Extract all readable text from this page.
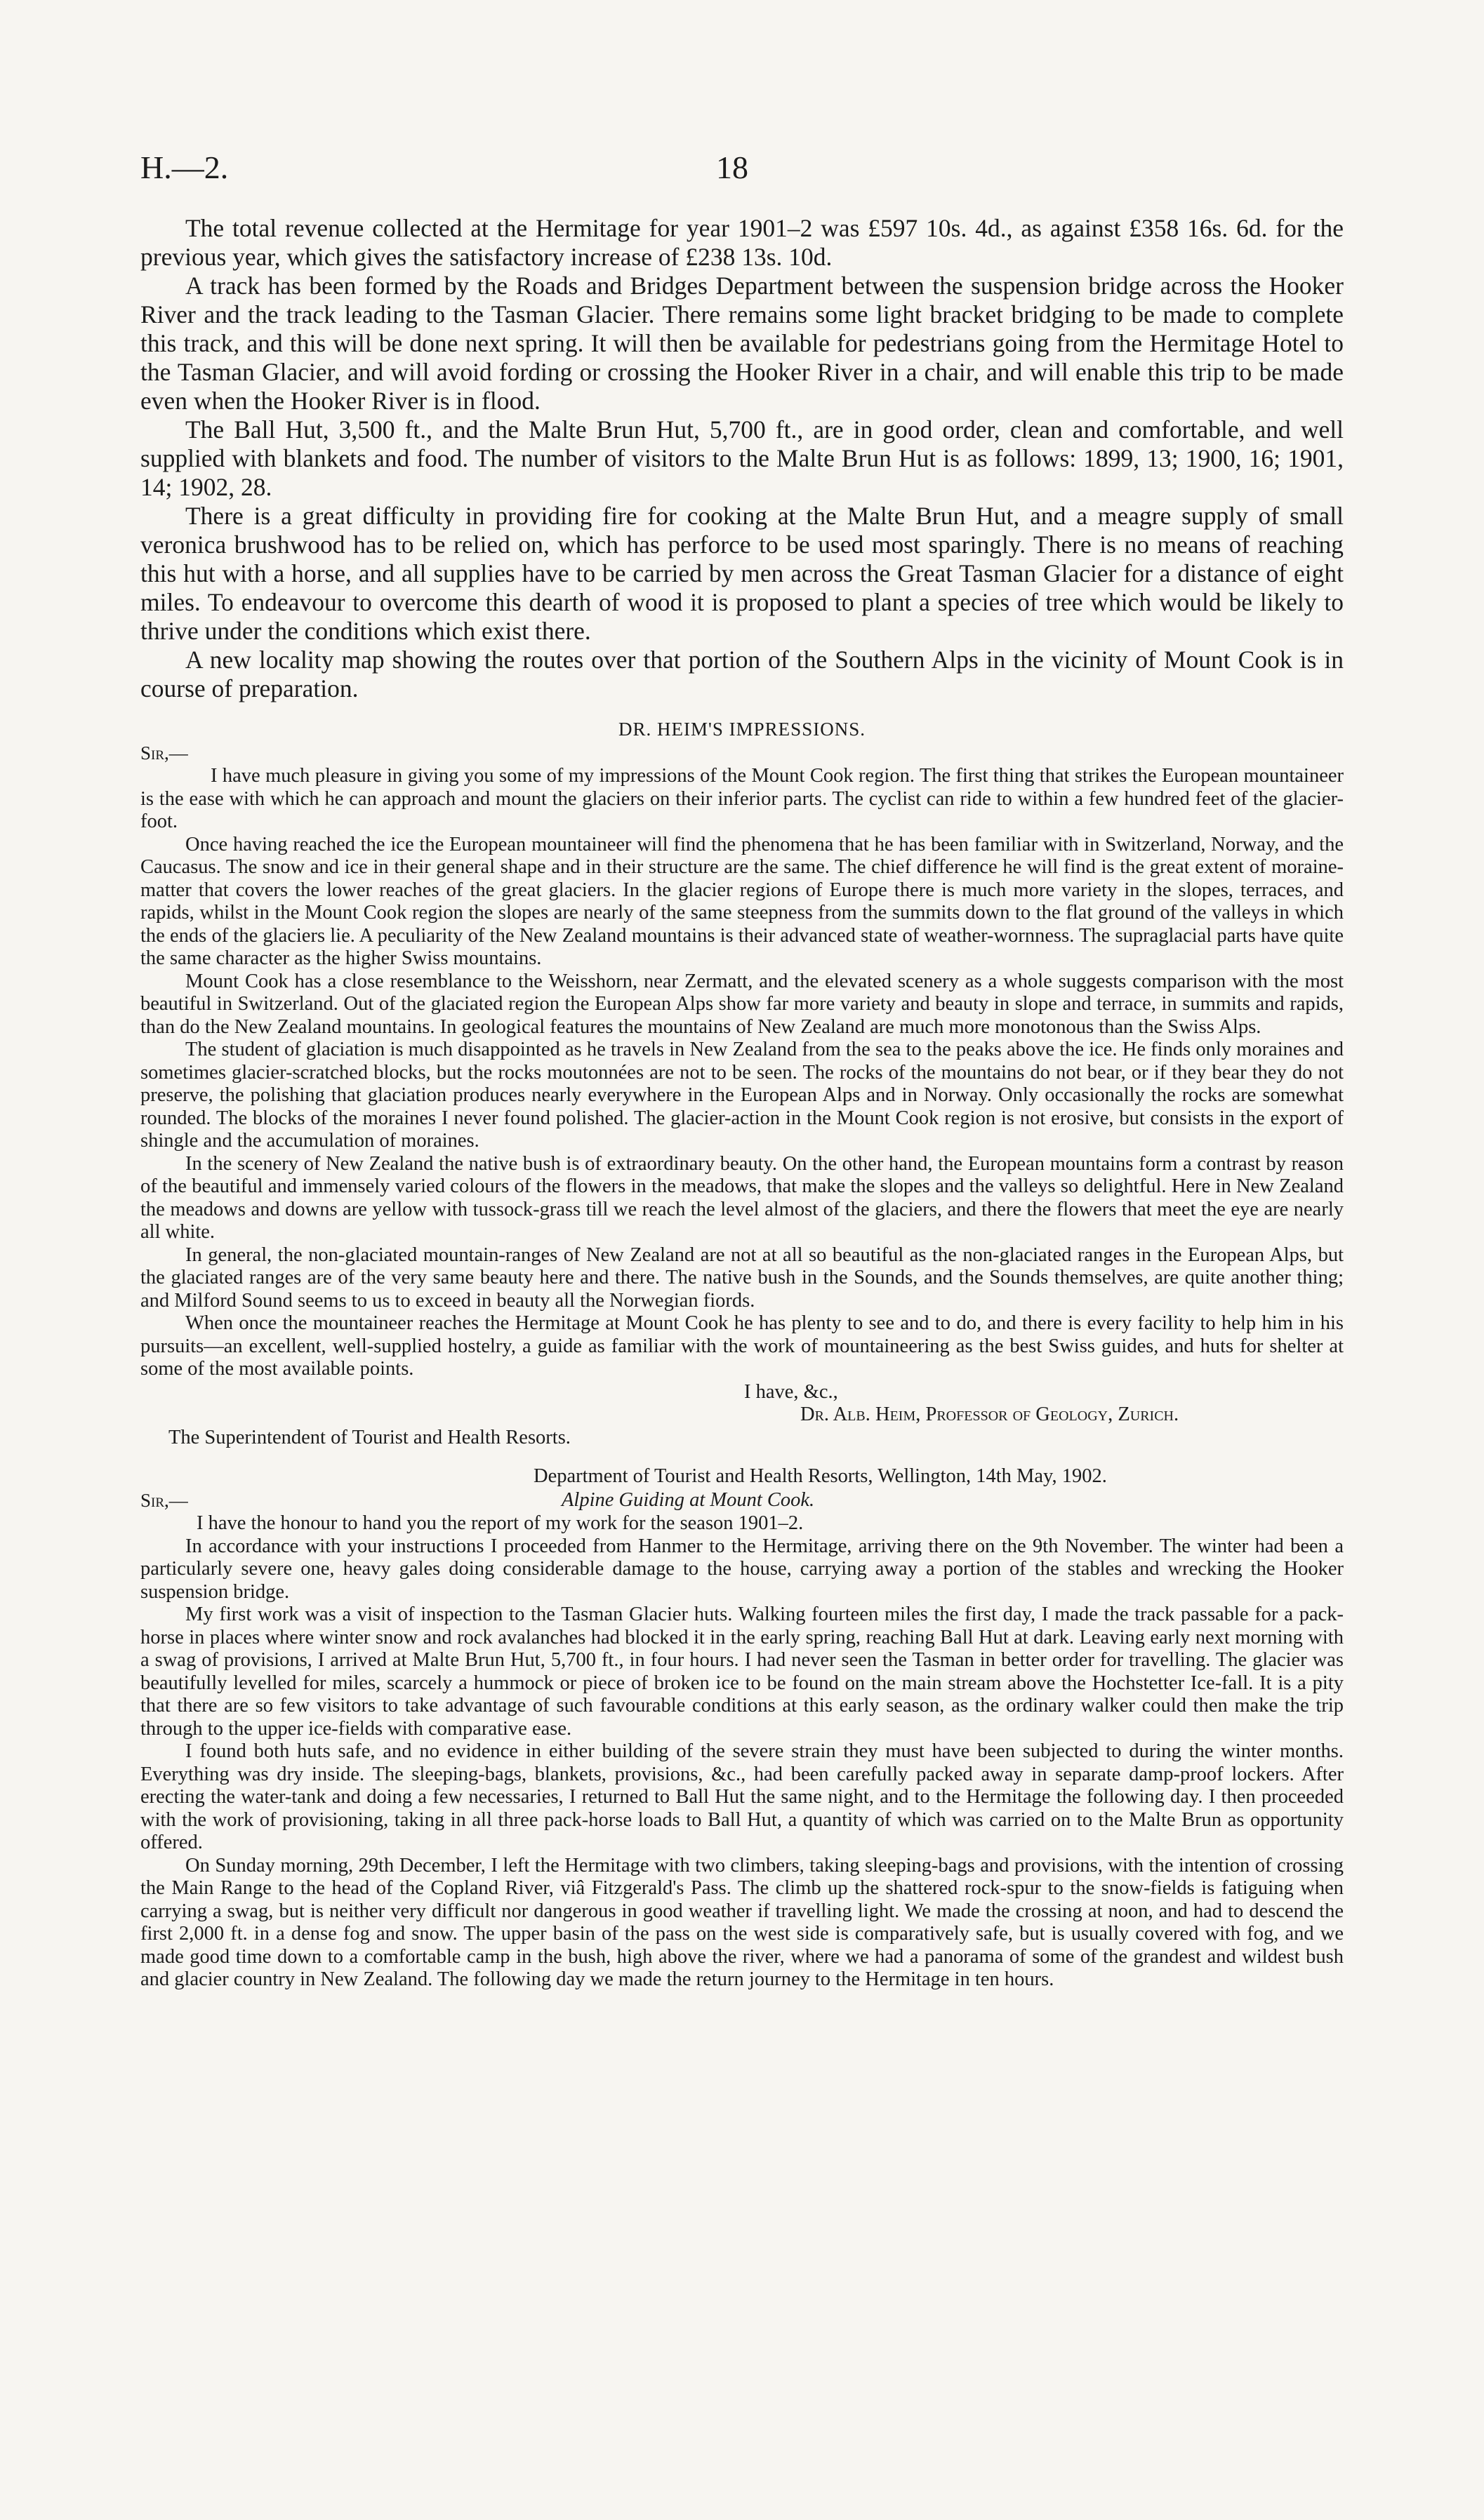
H.—2.	18

The total revenue collected at the Hermitage for year 1901–2 was £597 10s. 4d., as against £358 16s. 6d. for the previous year, which gives the satisfactory increase of £238 13s. 10d.

A track has been formed by the Roads and Bridges Department between the suspension bridge across the Hooker River and the track leading to the Tasman Glacier. There remains some light bracket bridging to be made to complete this track, and this will be done next spring. It will then be available for pedestrians going from the Hermitage Hotel to the Tasman Glacier, and will avoid fording or crossing the Hooker River in a chair, and will enable this trip to be made even when the Hooker River is in flood.

The Ball Hut, 3,500 ft., and the Malte Brun Hut, 5,700 ft., are in good order, clean and comfortable, and well supplied with blankets and food. The number of visitors to the Malte Brun Hut is as follows: 1899, 13; 1900, 16; 1901, 14; 1902, 28.

There is a great difficulty in providing fire for cooking at the Malte Brun Hut, and a meagre supply of small veronica brushwood has to be relied on, which has perforce to be used most sparingly. There is no means of reaching this hut with a horse, and all supplies have to be carried by men across the Great Tasman Glacier for a distance of eight miles. To endeavour to overcome this dearth of wood it is proposed to plant a species of tree which would be likely to thrive under the conditions which exist there.

A new locality map showing the routes over that portion of the Southern Alps in the vicinity of Mount Cook is in course of preparation.

DR. HEIM'S IMPRESSIONS.

Sir,—

I have much pleasure in giving you some of my impressions of the Mount Cook region. The first thing that strikes the European mountaineer is the ease with which he can approach and mount the glaciers on their inferior parts. The cyclist can ride to within a few hundred feet of the glacier-foot.

Once having reached the ice the European mountaineer will find the phenomena that he has been familiar with in Switzerland, Norway, and the Caucasus. The snow and ice in their general shape and in their structure are the same. The chief difference he will find is the great extent of moraine-matter that covers the lower reaches of the great glaciers. In the glacier regions of Europe there is much more variety in the slopes, terraces, and rapids, whilst in the Mount Cook region the slopes are nearly of the same steepness from the summits down to the flat ground of the valleys in which the ends of the glaciers lie. A peculiarity of the New Zealand mountains is their advanced state of weather-wornness. The supraglacial parts have quite the same character as the higher Swiss mountains.

Mount Cook has a close resemblance to the Weisshorn, near Zermatt, and the elevated scenery as a whole suggests comparison with the most beautiful in Switzerland. Out of the glaciated region the European Alps show far more variety and beauty in slope and terrace, in summits and rapids, than do the New Zealand mountains. In geological features the mountains of New Zealand are much more monotonous than the Swiss Alps.

The student of glaciation is much disappointed as he travels in New Zealand from the sea to the peaks above the ice. He finds only moraines and sometimes glacier-scratched blocks, but the rocks moutonnées are not to be seen. The rocks of the mountains do not bear, or if they bear they do not preserve, the polishing that glaciation produces nearly everywhere in the European Alps and in Norway. Only occasionally the rocks are somewhat rounded. The blocks of the moraines I never found polished. The glacier-action in the Mount Cook region is not erosive, but consists in the export of shingle and the accumulation of moraines.

In the scenery of New Zealand the native bush is of extraordinary beauty. On the other hand, the European mountains form a contrast by reason of the beautiful and immensely varied colours of the flowers in the meadows, that make the slopes and the valleys so delightful. Here in New Zealand the meadows and downs are yellow with tussock-grass till we reach the level almost of the glaciers, and there the flowers that meet the eye are nearly all white.

In general, the non-glaciated mountain-ranges of New Zealand are not at all so beautiful as the non-glaciated ranges in the European Alps, but the glaciated ranges are of the very same beauty here and there. The native bush in the Sounds, and the Sounds themselves, are quite another thing; and Milford Sound seems to us to exceed in beauty all the Norwegian fiords.

When once the mountaineer reaches the Hermitage at Mount Cook he has plenty to see and to do, and there is every facility to help him in his pursuits—an excellent, well-supplied hostelry, a guide as familiar with the work of mountaineering as the best Swiss guides, and huts for shelter at some of the most available points.

I have, &c.,

Dr. Alb. Heim, Professor of Geology, Zurich.

The Superintendent of Tourist and Health Resorts.

Department of Tourist and Health Resorts, Wellington, 14th May, 1902.

Sir,—	Alpine Guiding at Mount Cook.

I have the honour to hand you the report of my work for the season 1901–2.

In accordance with your instructions I proceeded from Hanmer to the Hermitage, arriving there on the 9th November. The winter had been a particularly severe one, heavy gales doing considerable damage to the house, carrying away a portion of the stables and wrecking the Hooker suspension bridge.

My first work was a visit of inspection to the Tasman Glacier huts. Walking fourteen miles the first day, I made the track passable for a pack-horse in places where winter snow and rock avalanches had blocked it in the early spring, reaching Ball Hut at dark. Leaving early next morning with a swag of provisions, I arrived at Malte Brun Hut, 5,700 ft., in four hours. I had never seen the Tasman in better order for travelling. The glacier was beautifully levelled for miles, scarcely a hummock or piece of broken ice to be found on the main stream above the Hochstetter Ice-fall. It is a pity that there are so few visitors to take advantage of such favourable conditions at this early season, as the ordinary walker could then make the trip through to the upper ice-fields with comparative ease.

I found both huts safe, and no evidence in either building of the severe strain they must have been subjected to during the winter months. Everything was dry inside. The sleeping-bags, blankets, provisions, &c., had been carefully packed away in separate damp-proof lockers. After erecting the water-tank and doing a few necessaries, I returned to Ball Hut the same night, and to the Hermitage the following day. I then proceeded with the work of provisioning, taking in all three pack-horse loads to Ball Hut, a quantity of which was carried on to the Malte Brun as opportunity offered.

On Sunday morning, 29th December, I left the Hermitage with two climbers, taking sleeping-bags and provisions, with the intention of crossing the Main Range to the head of the Copland River, viâ Fitzgerald's Pass. The climb up the shattered rock-spur to the snow-fields is fatiguing when carrying a swag, but is neither very difficult nor dangerous in good weather if travelling light. We made the crossing at noon, and had to descend the first 2,000 ft. in a dense fog and snow. The upper basin of the pass on the west side is comparatively safe, but is usually covered with fog, and we made good time down to a comfortable camp in the bush, high above the river, where we had a panorama of some of the grandest and wildest bush and glacier country in New Zealand. The following day we made the return journey to the Hermitage in ten hours.
